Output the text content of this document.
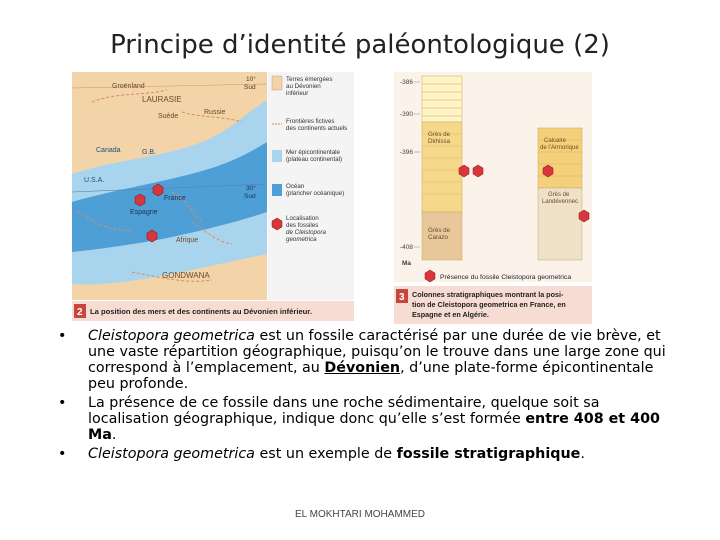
Principe d’identité paléontologique (2)
Groënland
LAURASIE
Suède
Russie
Canada	G.B.
U.S.A.
France
Espagne
Afrique
GONDWANA
10°
Sud
30°
Sud
Terres émergées au Dévonien inférieur
Frontières fictives des continents actuels
Mer épicontinentale (plateau continental)
Océan (plancher océanique)
Localisation des fossiles de Cleistopora geometrica
2 La position des mers et des continents au Dévonien inférieur.
-386
-390
-396
-408
Ma
Grès de Dkhissa
Grès de Carazo
Calcaire de l’Armorique
Grès de Landévennec
Présence du fossile Cleistopora geometrica
3 Colonnes stratigraphiques montrant la posi- tion de Cleistopora geometrica en France, en Espagne et en Algérie.
• Cleistopora geometrica est un fossile caractérisé par une durée de vie brève, et une vaste répartition géographique, puisqu’on le trouve dans une large zone qui correspond à l’emplacement, au Dévonien, d’une plate-forme épicontinentale peu profonde.
• La présence de ce fossile dans une roche sédimentaire, quelque soit sa localisation géographique, indique donc qu’elle s’est formée entre 408 et 400 Ma.
• Cleistopora geometrica est un exemple de fossile stratigraphique.
EL MOKHTARI MOHAMMED
